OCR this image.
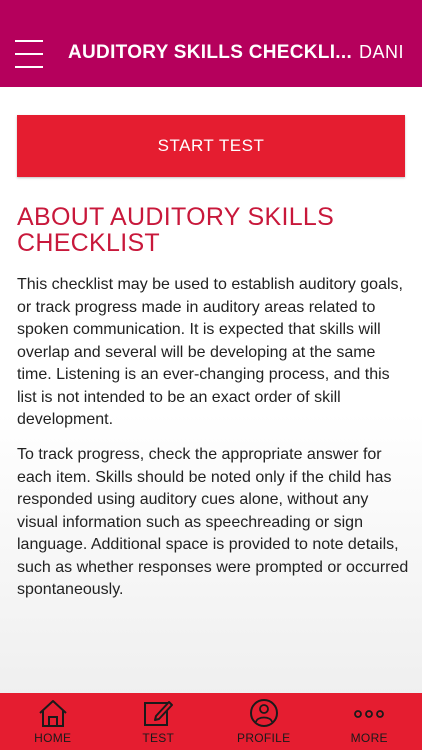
AUDITORY SKILLS CHECKLI... DANI
START TEST
ABOUT AUDITORY SKILLS CHECKLIST

This checklist may be used to establish auditory goals, or track progress made in auditory areas related to spoken communication. It is expected that skills will overlap and several will be developing at the same time. Listening is an ever-changing process, and this list is not intended to be an exact order of skill development.

To track progress, check the appropriate answer for each item. Skills should be noted only if the child has responded using auditory cues alone, without any visual information such as speechreading or sign language. Additional space is provided to note details, such as whether responses were prompted or occurred spontaneously.

HOME	TEST	PROFILE	MORE
